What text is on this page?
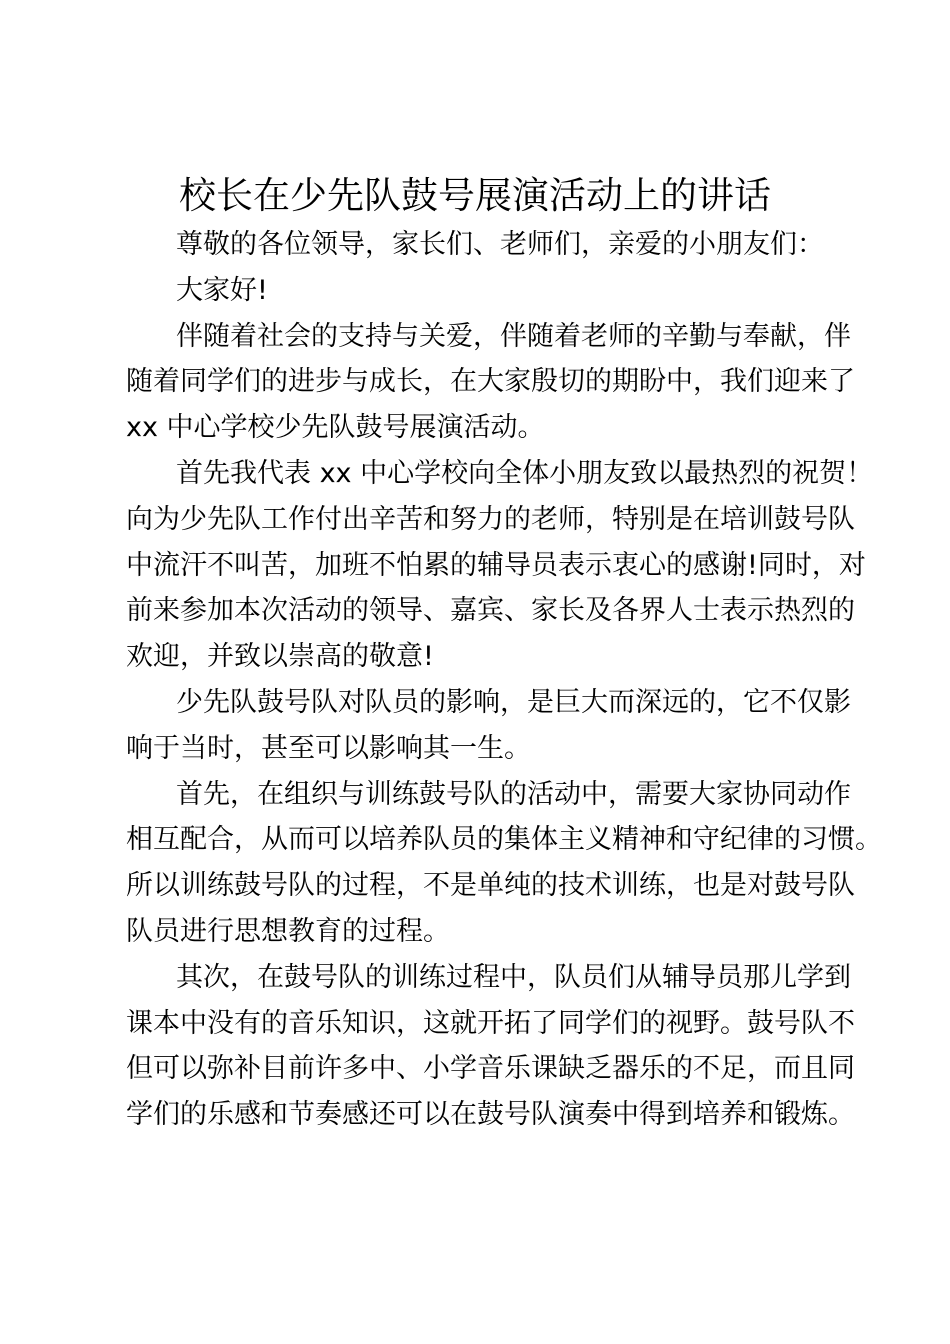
校长在少先队鼓号展演活动上的讲话

尊敬的各位领导，家长们、老师们，亲爱的小朋友们：

大家好!

伴随着社会的支持与关爱，伴随着老师的辛勤与奉献，伴
随着同学们的进步与成长，在大家殷切的期盼中，我们迎来了
xx 中心学校少先队鼓号展演活动。

首先我代表 xx 中心学校向全体小朋友致以最热烈的祝贺！
向为少先队工作付出辛苦和努力的老师，特别是在培训鼓号队
中流汗不叫苦，加班不怕累的辅导员表示衷心的感谢!同时，对
前来参加本次活动的领导、嘉宾、家长及各界人士表示热烈的
欢迎，并致以崇高的敬意!

少先队鼓号队对队员的影响，是巨大而深远的，它不仅影
响于当时，甚至可以影响其一生。

首先，在组织与训练鼓号队的活动中，需要大家协同动作
相互配合，从而可以培养队员的集体主义精神和守纪律的习惯。
所以训练鼓号队的过程，不是单纯的技术训练，也是对鼓号队
队员进行思想教育的过程。

其次，在鼓号队的训练过程中，队员们从辅导员那儿学到
课本中没有的音乐知识，这就开拓了同学们的视野。鼓号队不
但可以弥补目前许多中、小学音乐课缺乏器乐的不足，而且同
学们的乐感和节奏感还可以在鼓号队演奏中得到培养和锻炼。
